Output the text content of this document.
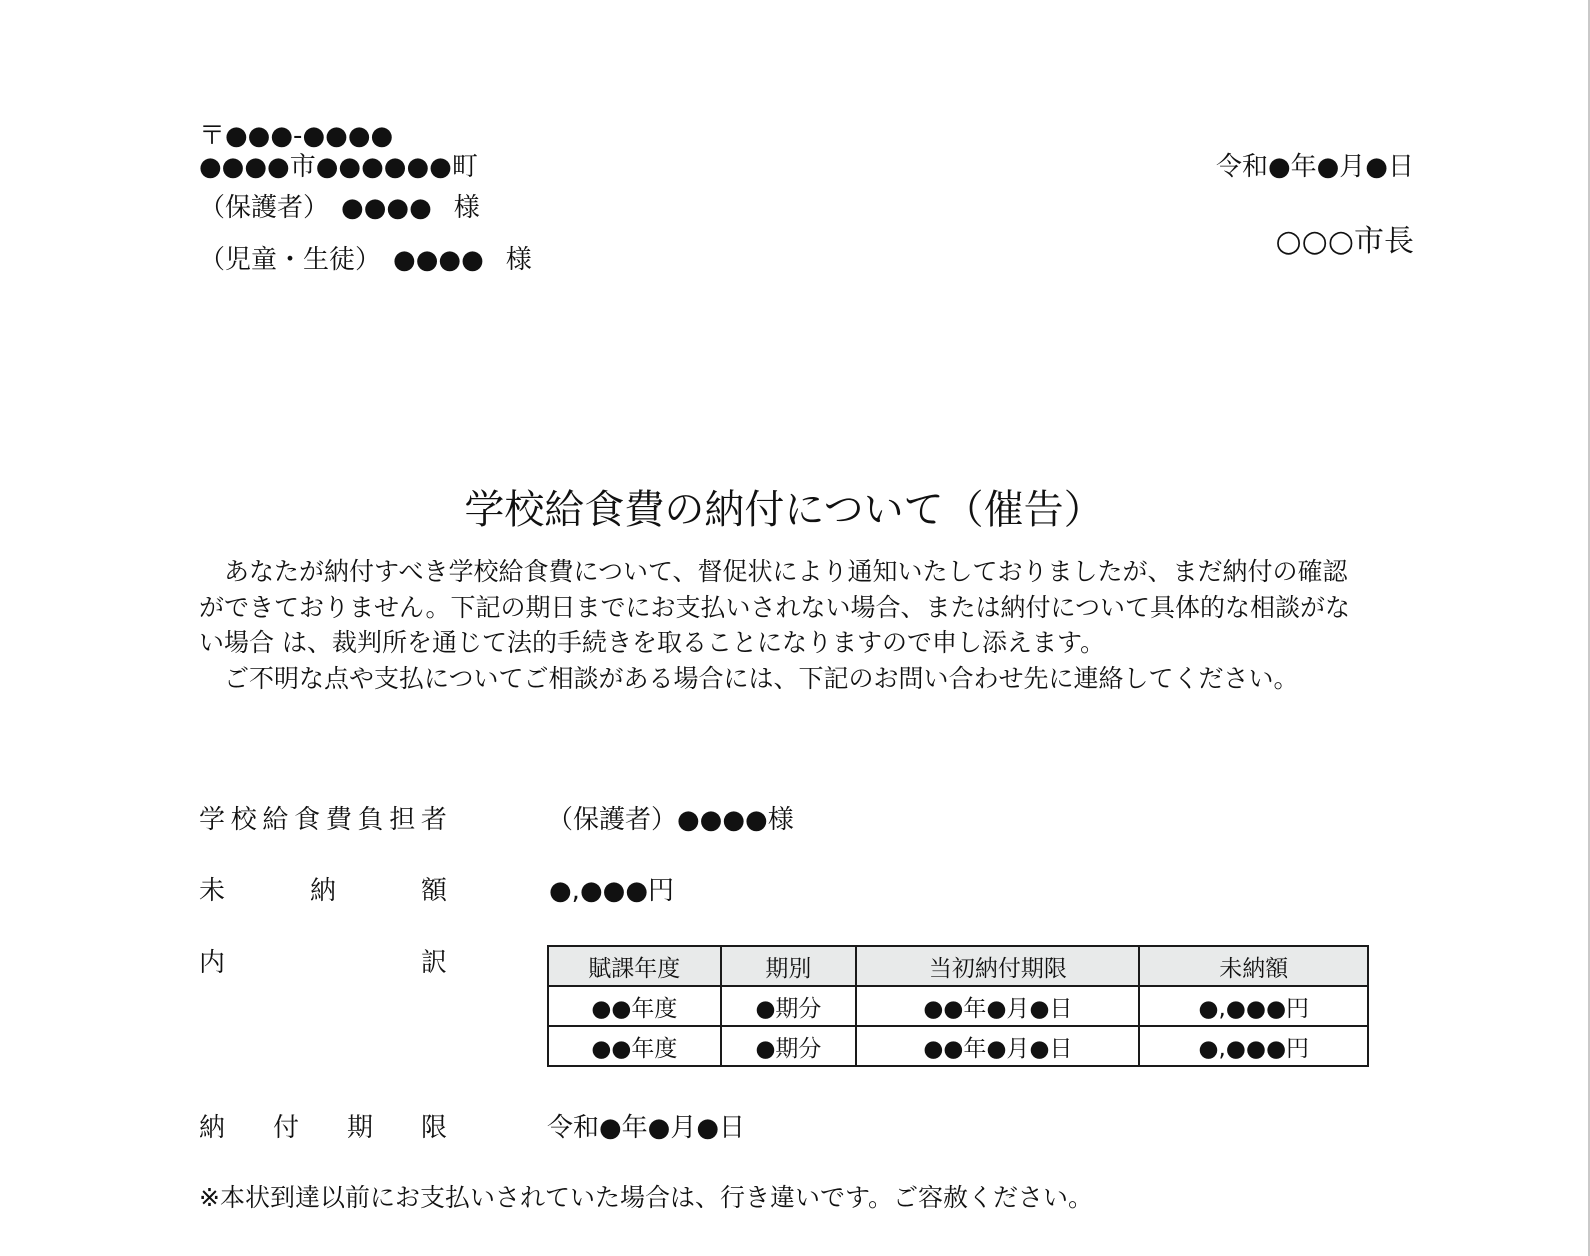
〒●●●-●●●●
●●●●市●●●●●●町
（保護者） ●●●● 様
（児童・生徒） ●●●● 様
令和●年●月●日
○○○市長
学校給食費の納付について（催告）

あなたが納付すべき学校給食費について、督促状により通知いたしておりましたが、まだ納付の確認ができておりません。下記の期日までにお支払いされない場合、または納付について具体的な相談がない場合 は、裁判所を通じて法的手続きを取ることになりますので申し添えます。

ご不明な点や支払についてご相談がある場合には、下記のお問い合わせ先に連絡してください。

学 校 給 食 費 負 担 者	（保護者）●●●●様
未	納	額	●,●●●円
内	訳	賦課年度	期別	当初納付期限	未納額
●●年度	●期分	●●年●月●日	●,●●●円
●●年度	●期分	●●年●月●日	●,●●●円
納 付 期 限	令和●年●月●日
※本状到達以前にお支払いされていた場合は、行き違いです。ご容赦ください。
